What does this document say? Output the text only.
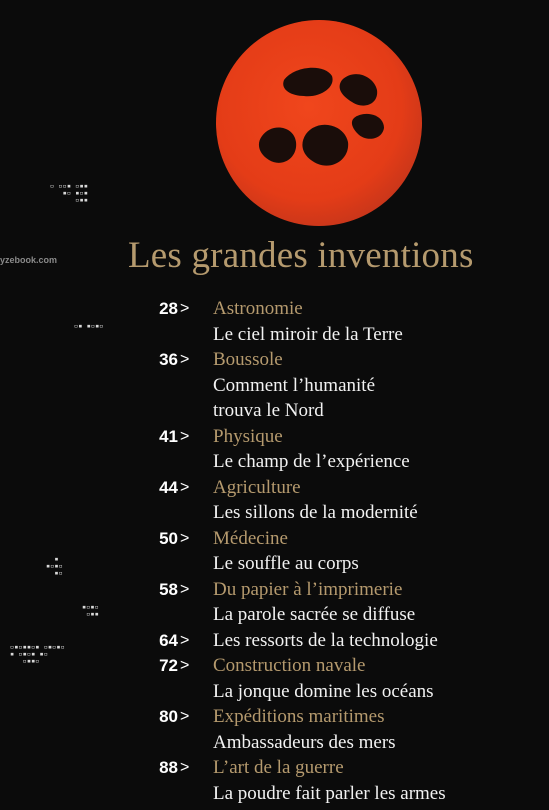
▫ ▫▫▪ ▫▪▪
▪▫ ▪▫▪
▫▪▪
▫▪ ▪▫▪▫
▪
▪▫▪▫
▪▫
▪▫▪▫
▫▪▪
▫▪▫▪▪▫▪ ▫▪▫▪▫
▪ ▫▪▫▪ ▪▫
▫▪▪▫
yzebook.com Les grandes inventions
28 > Astronomie
Le ciel miroir de la Terre
36 > Boussole
Comment l’humanité
trouva le Nord
41 > Physique
Le champ de l’expérience
44 > Agriculture
Les sillons de la modernité
50 > Médecine
Le souffle au corps
58 > Du papier à l’imprimerie
La parole sacrée se diffuse
64 > Les ressorts de la technologie
72 > Construction navale
La jonque domine les océans
80 > Expéditions maritimes
Ambassadeurs des mers
88 > L’art de la guerre
La poudre fait parler les armes
